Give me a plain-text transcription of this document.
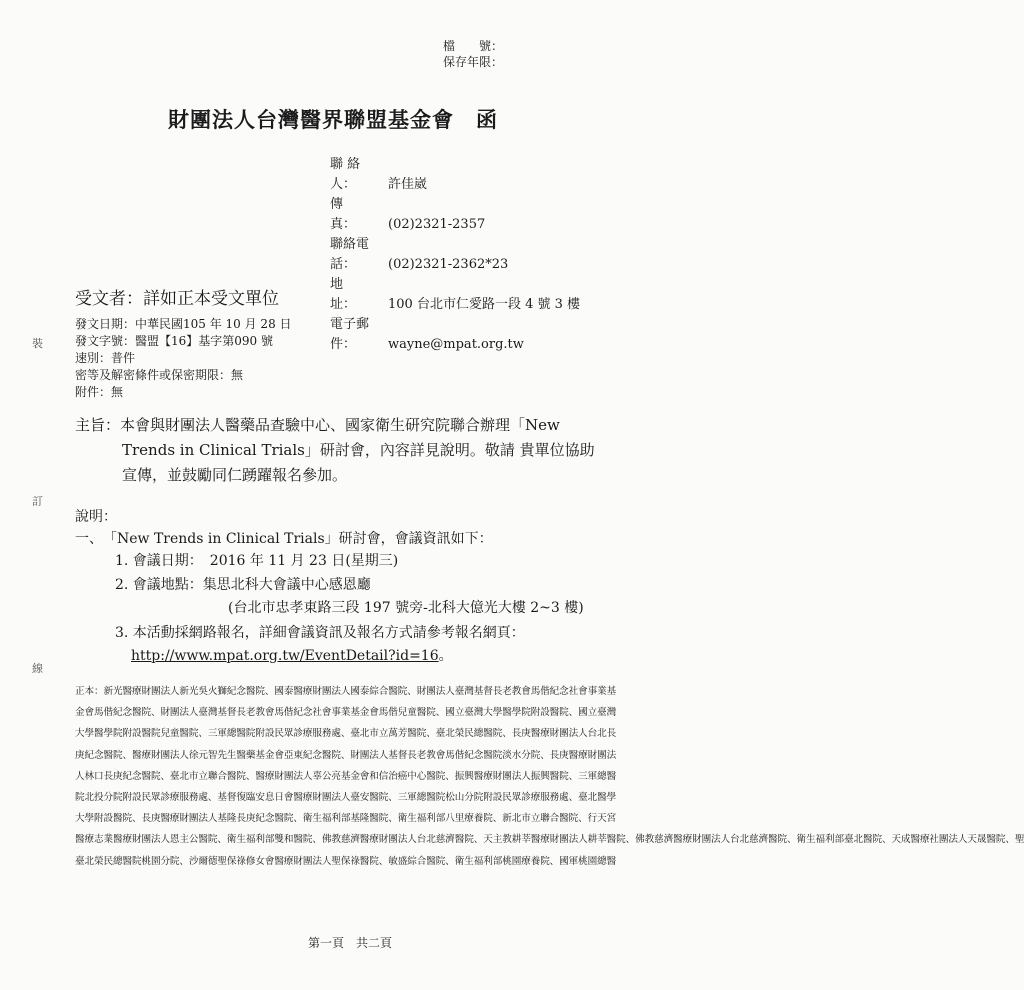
檔　　號：
保存年限：
財團法人台灣醫界聯盟基金會　函
聯 絡 人： 許佳崴
傳　　真： (02)2321-2357
聯絡電話： (02)2321-2362*23
地　　址： 100 台北市仁愛路一段 4 號 3 樓
電子郵件： wayne@mpat.org.tw
裝
訂
線
受文者：詳如正本受文單位
發文日期：中華民國105 年 10 月 28 日
發文字號：醫盟【16】基字第090 號
速別：普件
密等及解密條件或保密期限：無
附件：無
主旨：本會與財團法人醫藥品查驗中心、國家衛生研究院聯合辦理「New
Trends in Clinical Trials」研討會，內容詳見說明。敬請 貴單位協助
宣傳，並鼓勵同仁踴躍報名參加。
說明：
一、　「New Trends in Clinical Trials」研討會，會議資訊如下：
1. 會議日期：　2016 年 11 月 23 日(星期三)
2. 會議地點：集思北科大會議中心感恩廳
(台北市忠孝東路三段 197 號旁-北科大億光大樓 2~3 樓)
3. 本活動採網路報名，詳細會議資訊及報名方式請參考報名網頁：
http://www.mpat.org.tw/EventDetail?id=16。
正本：新光醫療財團法人新光吳火獅紀念醫院、國泰醫療財團法人國泰綜合醫院、財團法人臺灣基督長老教會馬偕紀念社會事業基
金會馬偕紀念醫院、財團法人臺灣基督長老教會馬偕紀念社會事業基金會馬偕兒童醫院、國立臺灣大學醫學院附設醫院、國立臺灣
大學醫學院附設醫院兒童醫院、三軍總醫院附設民眾診療服務處、臺北市立萬芳醫院、臺北榮民總醫院、長庚醫療財團法人台北長
庚紀念醫院、醫療財團法人徐元智先生醫藥基金會亞東紀念醫院、財團法人基督長老教會馬偕紀念醫院淡水分院、長庚醫療財團法
人林口長庚紀念醫院、臺北市立聯合醫院、醫療財團法人辜公亮基金會和信治癌中心醫院、振興醫療財團法人振興醫院、三軍總醫
院北投分院附設民眾診療服務處、基督復臨安息日會醫療財團法人臺安醫院、三軍總醫院松山分院附設民眾診療服務處、臺北醫學
大學附設醫院、長庚醫療財團法人基隆長庚紀念醫院、衛生福利部基隆醫院、衛生福利部八里療養院、新北市立聯合醫院、行天宮
醫療志業醫療財團法人恩主公醫院、衛生福利部雙和醫院、佛教慈濟醫療財團法人台北慈濟醫院、天主教耕莘醫療財團法人耕莘醫院、佛教慈濟醫療財團法人台北慈濟醫院、衛生福利部臺北醫院、天成醫療社團法人天晟醫院、聖
臺北榮民總醫院桃園分院、沙爾德聖保祿修女會醫療財團法人聖保祿醫院、敏盛綜合醫院、衛生福利部桃園療養院、國軍桃園總醫
第一頁　共二頁
